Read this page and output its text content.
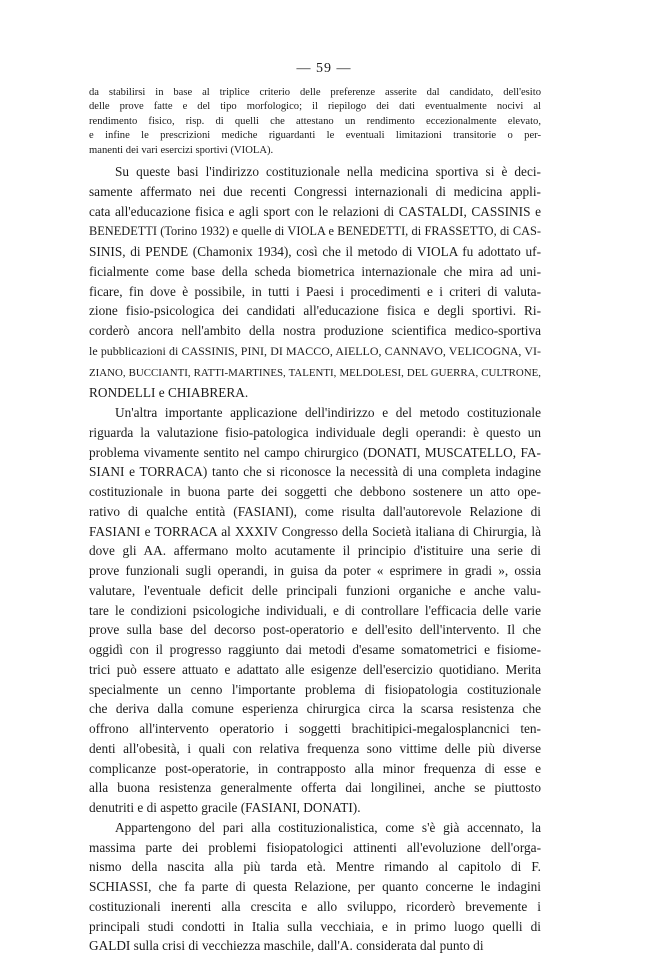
— 59 —
da stabilirsi in base al triplice criterio delle preferenze asserite dal candidato, dell'esito
delle prove fatte e del tipo morfologico; il riepilogo dei dati eventualmente nocivi al
rendimento fisico, risp. di quelli che attestano un rendimento eccezionalmente elevato,
e infine le prescrizioni mediche riguardanti le eventuali limitazioni transitorie o per-
manenti dei vari esercizi sportivi (VIOLA).
Su queste basi l'indirizzo costituzionale nella medicina sportiva si è deci-
samente affermato nei due recenti Congressi internazionali di medicina appli-
cata all'educazione fisica e agli sport con le relazioni di CASTALDI, CASSINIS e
BENEDETTI (Torino 1932) e quelle di VIOLA e BENEDETTI, di FRASSETTO, di CAS-
SINIS, di PENDE (Chamonix 1934), così che il metodo di VIOLA fu adottato uf-
ficialmente come base della scheda biometrica internazionale che mira ad uni-
ficare, fin dove è possibile, in tutti i Paesi i procedimenti e i criteri di valuta-
zione fisio-psicologica dei candidati all'educazione fisica e degli sportivi. Ri-
corderò ancora nell'ambito della nostra produzione scientifica medico-sportiva
le pubblicazioni di CASSINIS, PINI, DI MACCO, AIELLO, CANNAVO, VELICOGNA, VI-
ZIANO, BUCCIANTI, RATTI-MARTINES, TALENTI, MELDOLESI, DEL GUERRA, CULTRONE,
RONDELLI e CHIABRERA.
Un'altra importante applicazione dell'indirizzo e del metodo costituzionale
riguarda la valutazione fisio-patologica individuale degli operandi: è questo un
problema vivamente sentito nel campo chirurgico (DONATI, MUSCATELLO, FA-
SIANI e TORRACA) tanto che si riconosce la necessità di una completa indagine
costituzionale in buona parte dei soggetti che debbono sostenere un atto ope-
rativo di qualche entità (FASIANI), come risulta dall'autorevole Relazione di
FASIANI e TORRACA al XXXIV Congresso della Società italiana di Chirurgia, là
dove gli AA. affermano molto acutamente il principio d'istituire una serie di
prove funzionali sugli operandi, in guisa da poter « esprimere in gradi », ossia
valutare, l'eventuale deficit delle principali funzioni organiche e anche valu-
tare le condizioni psicologiche individuali, e di controllare l'efficacia delle varie
prove sulla base del decorso post-operatorio e dell'esito dell'intervento. Il che
oggidì con il progresso raggiunto dai metodi d'esame somatometrici e fisiome-
trici può essere attuato e adattato alle esigenze dell'esercizio quotidiano. Merita
specialmente un cenno l'importante problema di fisiopatologia costituzionale
che deriva dalla comune esperienza chirurgica circa la scarsa resistenza che
offrono all'intervento operatorio i soggetti brachitipici-megalosplancnici ten-
denti all'obesità, i quali con relativa frequenza sono vittime delle più diverse
complicanze post-operatorie, in contrapposto alla minor frequenza di esse e
alla buona resistenza generalmente offerta dai longilinei, anche se piuttosto
denutriti e di aspetto gracile (FASIANI, DONATI).
Appartengono del pari alla costituzionalistica, come s'è già accennato, la
massima parte dei problemi fisiopatologici attinenti all'evoluzione dell'orga-
nismo della nascita alla più tarda età. Mentre rimando al capitolo di F.
SCHIASSI, che fa parte di questa Relazione, per quanto concerne le indagini
costituzionali inerenti alla crescita e allo sviluppo, ricorderò brevemente i
principali studi condotti in Italia sulla vecchiaia, e in primo luogo quelli di
GALDI sulla crisi di vecchiezza maschile, dall'A. considerata dal punto di
